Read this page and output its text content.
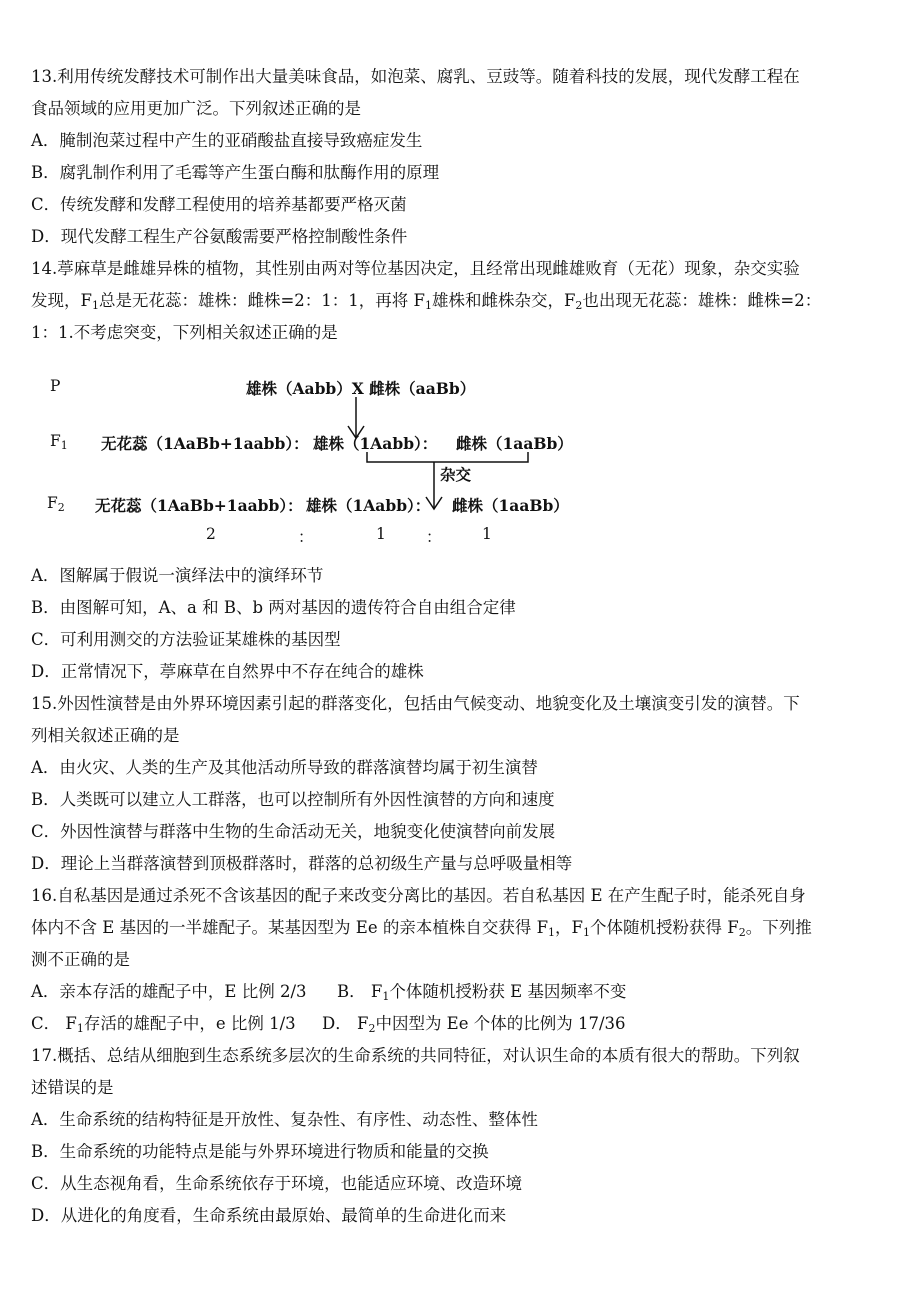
13.利用传统发酵技术可制作出大量美味食品，如泡菜、腐乳、豆豉等。随着科技的发展，现代发酵工程在
食品领域的应用更加广泛。下列叙述正确的是
A．腌制泡菜过程中产生的亚硝酸盐直接导致癌症发生
B．腐乳制作利用了毛霉等产生蛋白酶和肽酶作用的原理
C．传统发酵和发酵工程使用的培养基都要严格灭菌
D．现代发酵工程生产谷氨酸需要严格控制酸性条件
14.葶麻草是雌雄异株的植物，其性别由两对等位基因决定，且经常出现雌雄败育（无花）现象，杂交实验
发现，$F_1$总是无花蕊：雄株：雌株=2：1：1，再将 $F_1$雄株和雌株杂交，$F_2$也出现无花蕊：雄株：雌株=2：
1：1.不考虑突变，下列相关叙述正确的是
P	雄株（Aabb）X 雌株（aaBb）
$F_1$ 无花蕊（1AaBb+1aabb）： 雄株（1Aabb）： 雌株（1aaBb）
杂交
$F_2$ 无花蕊（1AaBb+1aabb）： 雄株（1Aabb）： 雌株（1aaBb）
2	：	1	：	1
A．图解属于假说一演绎法中的演绎环节
B．由图解可知，A、a 和 B、b 两对基因的遗传符合自由组合定律
C．可利用测交的方法验证某雄株的基因型
D．正常情况下，葶麻草在自然界中不存在纯合的雄株
15.外因性演替是由外界环境因素引起的群落变化，包括由气候变动、地貌变化及土壤演变引发的演替。下
列相关叙述正确的是
A．由火灾、人类的生产及其他活动所导致的群落演替均属于初生演替
B．人类既可以建立人工群落，也可以控制所有外因性演替的方向和速度
C．外因性演替与群落中生物的生命活动无关，地貌变化使演替向前发展
D．理论上当群落演替到顶极群落时，群落的总初级生产量与总呼吸量相等
16.自私基因是通过杀死不含该基因的配子来改变分离比的基因。若自私基因 E 在产生配子时，能杀死自身
体内不含 E 基因的一半雄配子。某基因型为 Ee 的亲本植株自交获得 $F_1$，$F_1$个体随机授粉获得 $F_2$。下列推
测不正确的是
A．亲本存活的雄配子中，E 比例 2/3 B． $F_1$个体随机授粉获 E 基因频率不变
C． $F_1$存活的雄配子中，e 比例 1/3 D． $F_2$中因型为 Ee 个体的比例为 17/36
17.概括、总结从细胞到生态系统多层次的生命系统的共同特征，对认识生命的本质有很大的帮助。下列叙
述错误的是
A．生命系统的结构特征是开放性、复杂性、有序性、动态性、整体性
B．生命系统的功能特点是能与外界环境进行物质和能量的交换
C．从生态视角看，生命系统依存于环境，也能适应环境、改造环境
D．从进化的角度看，生命系统由最原始、最简单的生命进化而来
